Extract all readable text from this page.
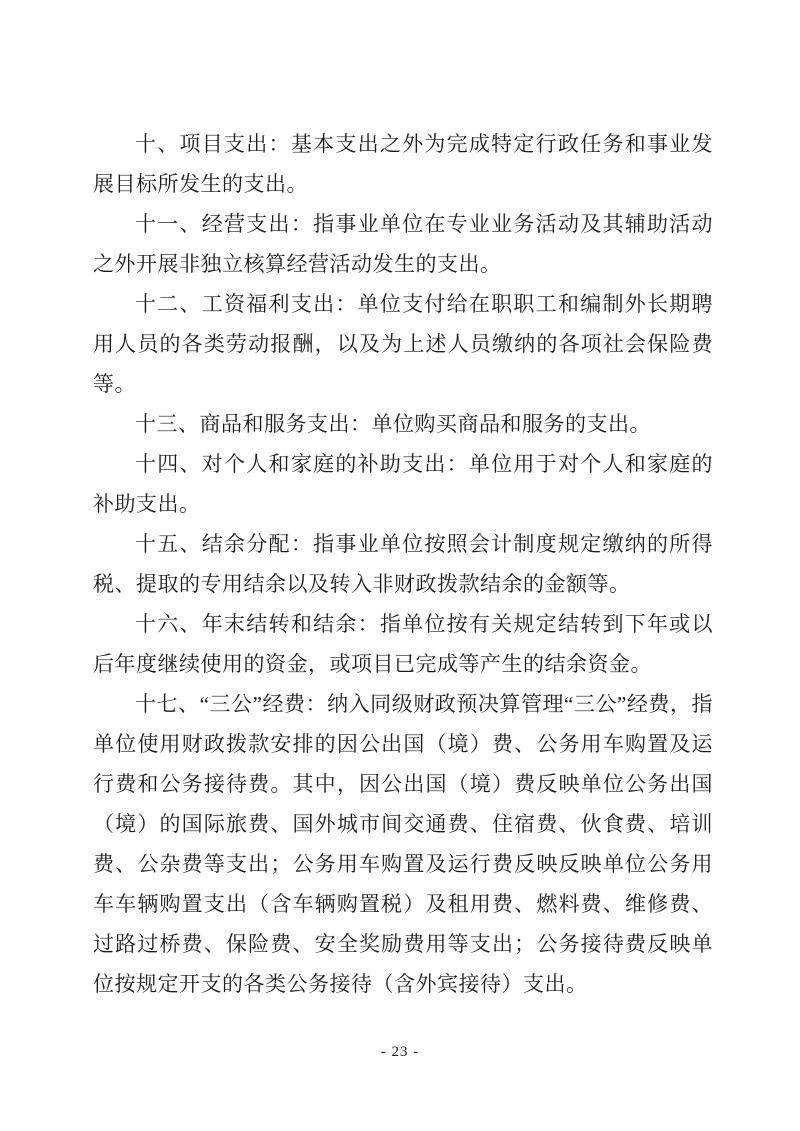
十、项目支出：基本支出之外为完成特定行政任务和事业发展目标所发生的支出。

十一、经营支出：指事业单位在专业业务活动及其辅助活动之外开展非独立核算经营活动发生的支出。

十二、工资福利支出：单位支付给在职职工和编制外长期聘用人员的各类劳动报酬，以及为上述人员缴纳的各项社会保险费等。

十三、商品和服务支出：单位购买商品和服务的支出。

十四、对个人和家庭的补助支出：单位用于对个人和家庭的补助支出。

十五、结余分配：指事业单位按照会计制度规定缴纳的所得税、提取的专用结余以及转入非财政拨款结余的金额等。

十六、年末结转和结余：指单位按有关规定结转到下年或以后年度继续使用的资金，或项目已完成等产生的结余资金。

十七、“三公”经费：纳入同级财政预决算管理“三公”经费，指单位使用财政拨款安排的因公出国（境）费、公务用车购置及运行费和公务接待费。其中，因公出国（境）费反映单位公务出国（境）的国际旅费、国外城市间交通费、住宿费、伙食费、培训费、公杂费等支出；公务用车购置及运行费反映反映单位公务用车车辆购置支出（含车辆购置税）及租用费、燃料费、维修费、过路过桥费、保险费、安全奖励费用等支出；公务接待费反映单位按规定开支的各类公务接待（含外宾接待）支出。

- 23 -
